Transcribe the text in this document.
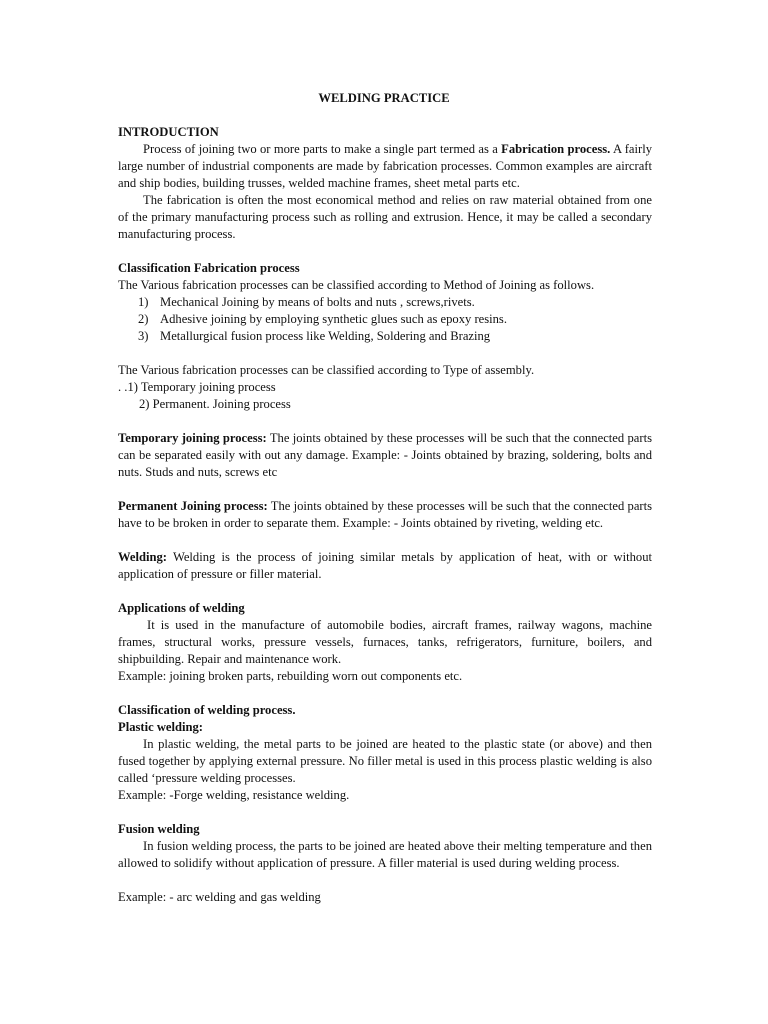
WELDING PRACTICE

INTRODUCTION

Process of joining two or more parts to make a single part termed as a Fabrication process. A fairly large number of industrial components are made by fabrication processes. Common examples are aircraft and ship bodies, building trusses, welded machine frames, sheet metal parts etc.

The fabrication is often the most economical method and relies on raw material obtained from one of the primary manufacturing process such as rolling and extrusion. Hence, it may be called a secondary manufacturing process.

Classification Fabrication process

The Various fabrication processes can be classified according to Method of Joining as follows.

1) Mechanical Joining by means of bolts and nuts , screws,rivets.
2) Adhesive joining by employing synthetic glues such as epoxy resins.
3) Metallurgical fusion process like Welding, Soldering and Brazing

The Various fabrication processes can be classified according to Type of assembly.

. .1) Temporary joining process

2) Permanent. Joining process

Temporary joining process: The joints obtained by these processes will be such that the connected parts can be separated easily with out any damage. Example: - Joints obtained by brazing, soldering, bolts and nuts. Studs and nuts, screws etc

Permanent Joining process: The joints obtained by these processes will be such that the connected parts have to be broken in order to separate them. Example: - Joints obtained by riveting, welding etc.

Welding: Welding is the process of joining similar metals by application of heat, with or without application of pressure or filler material.

Applications of welding

It is used in the manufacture of automobile bodies, aircraft frames, railway wagons, machine frames, structural works, pressure vessels, furnaces, tanks, refrigerators, furniture, boilers, and shipbuilding. Repair and maintenance work.

Example: joining broken parts, rebuilding worn out components etc.

Classification of welding process.

Plastic welding:

In plastic welding, the metal parts to be joined are heated to the plastic state (or above) and then fused together by applying external pressure. No filler metal is used in this process plastic welding is also called ‘pressure welding processes.

Example: -Forge welding, resistance welding.

Fusion welding

In fusion welding process, the parts to be joined are heated above their melting temperature and then allowed to solidify without application of pressure. A filler material is used during welding process.

Example: - arc welding and gas welding
